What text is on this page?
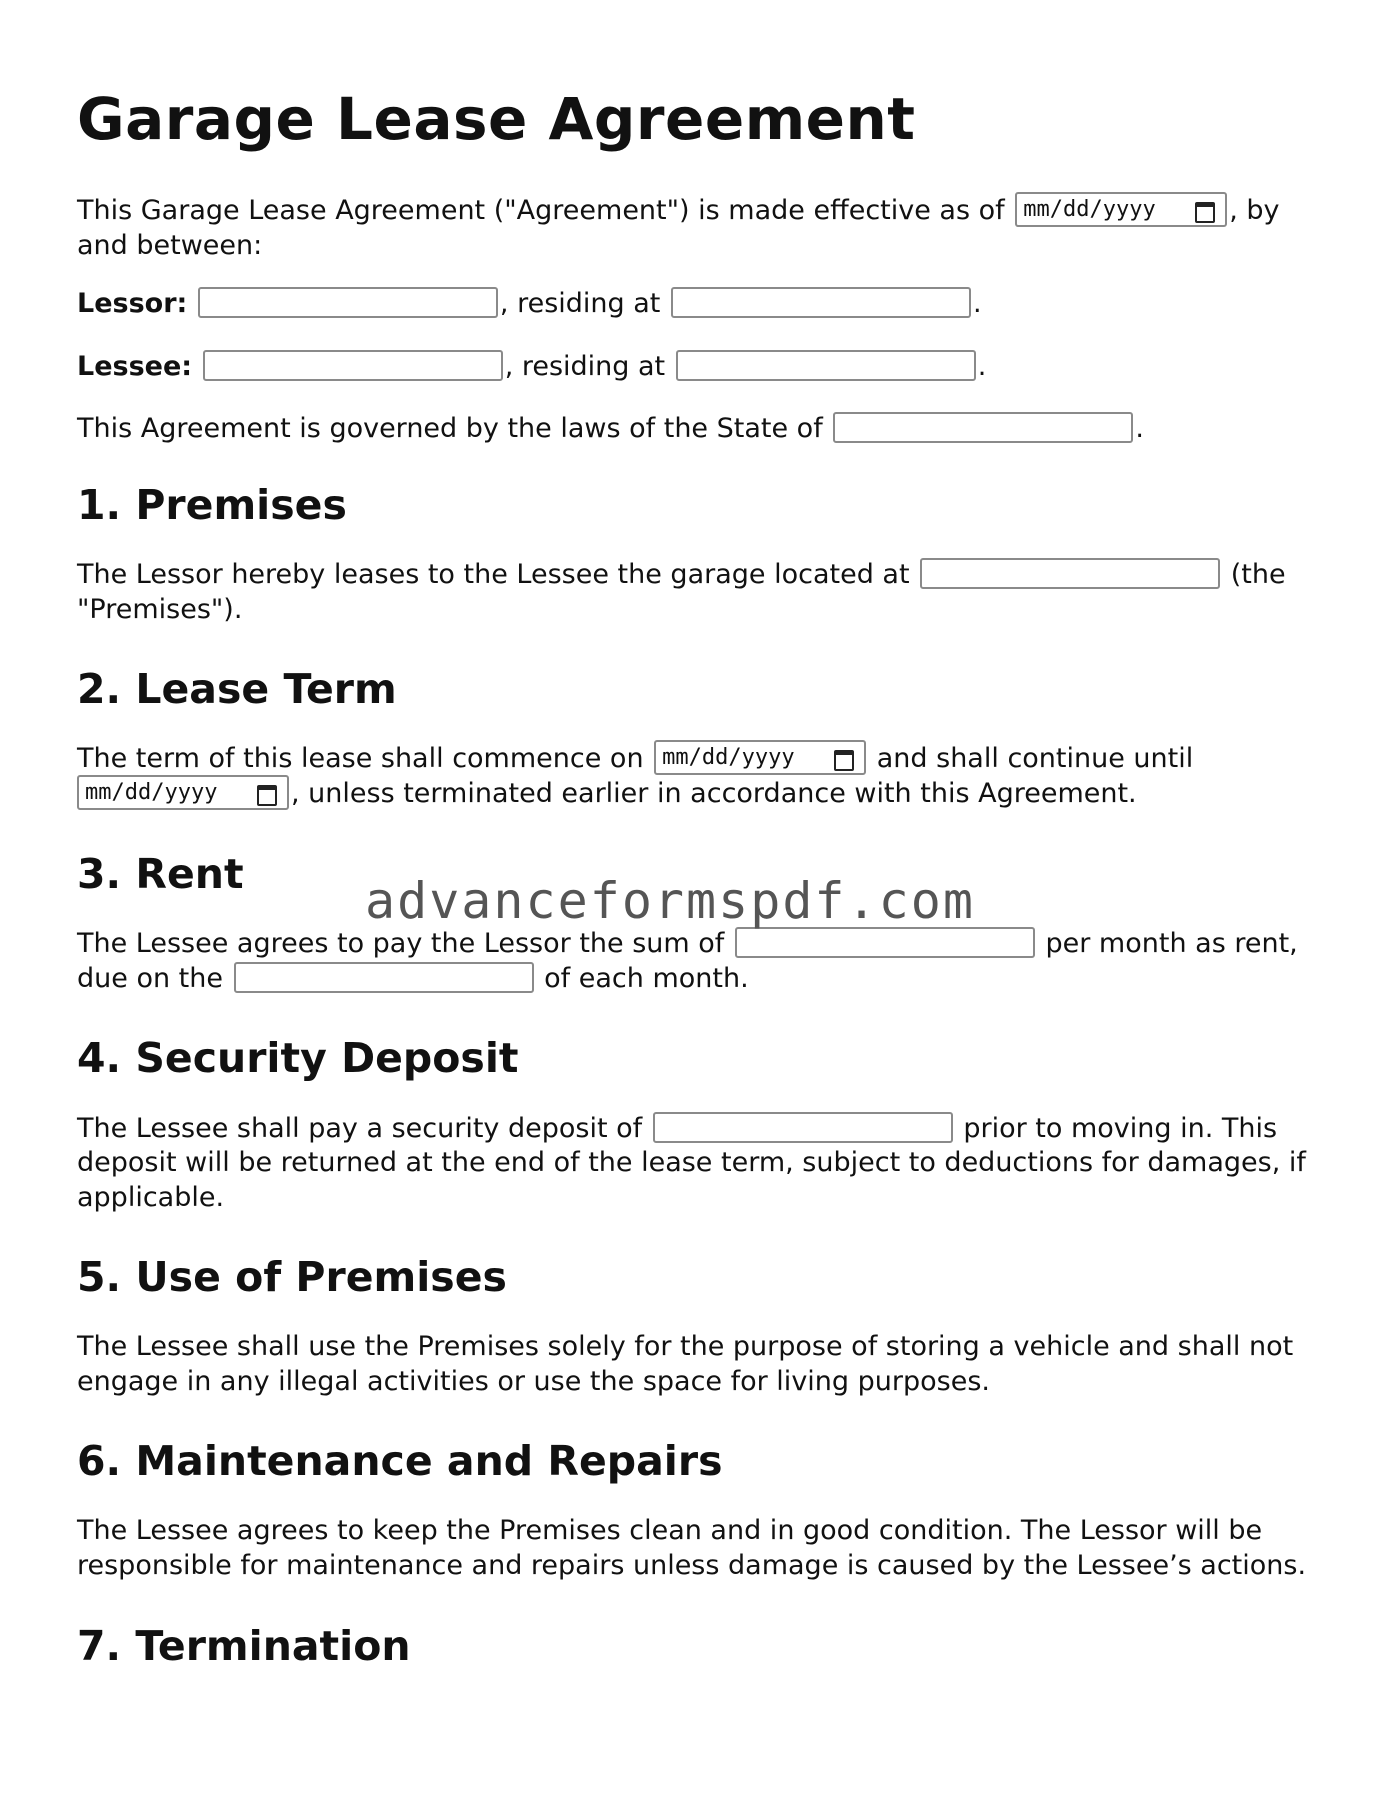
Garage Lease Agreement

This Garage Lease Agreement ("Agreement") is made effective as of mm/dd/yyyy	, by and between:

Lessor:	, residing at	.

Lessee:	, residing at	.

This Agreement is governed by the laws of the State of	.

1. Premises

The Lessor hereby leases to the Lessee the garage located at	(the "Premises").

2. Lease Term

The term of this lease shall commence on mm/dd/yyyy	and shall continue until mm/dd/yyyy	, unless terminated earlier in accordance with this Agreement.

3. Rent

The Lessee agrees to pay the Lessor the sum of	per month as rent, due on the	of each month.

4. Security Deposit

The Lessee shall pay a security deposit of	prior to moving in. This deposit will be returned at the end of the lease term, subject to deductions for damages, if applicable.

5. Use of Premises

The Lessee shall use the Premises solely for the purpose of storing a vehicle and shall not engage in any illegal activities or use the space for living purposes.

6. Maintenance and Repairs

The Lessee agrees to keep the Premises clean and in good condition. The Lessor will be responsible for maintenance and repairs unless damage is caused by the Lessee’s actions.

7. Termination
advanceformspdf.com
